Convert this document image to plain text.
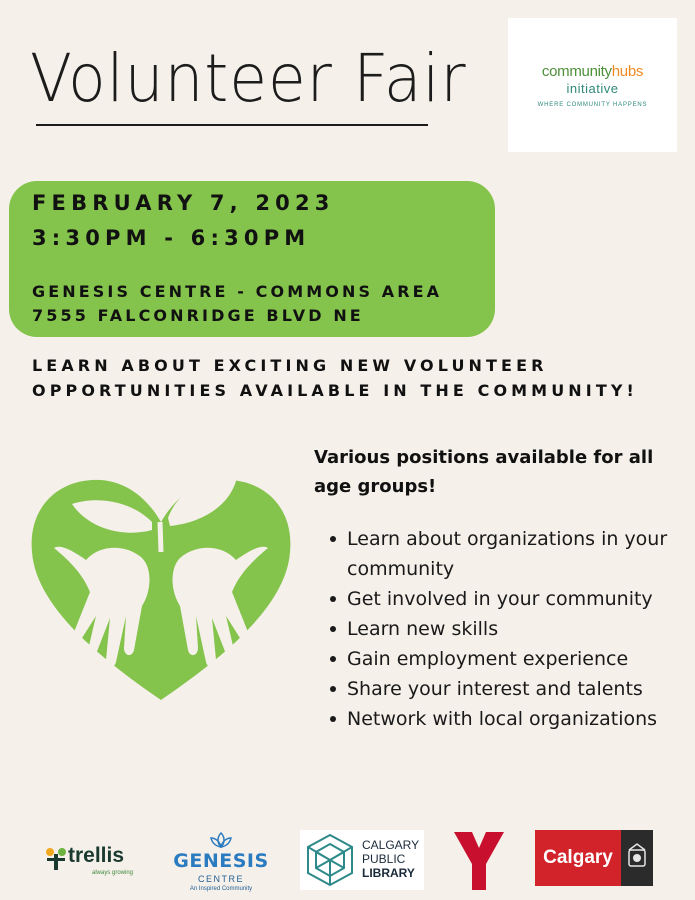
Volunteer Fair	communityhubs
initiative
WHERE COMMUNITY HAPPENS
FEBRUARY 7, 2023
3:30PM - 6:30PM
GENESIS CENTRE - COMMONS AREA
7555 FALCONRIDGE BLVD NE
LEARN ABOUT EXCITING NEW VOLUNTEER
OPPORTUNITIES AVAILABLE IN THE COMMUNITY!
Various positions available for all age groups!
Learn about organizations in your community
Get involved in your community
Learn new skills
Gain employment experience
Share your interest and talents
Network with local organizations
trellis
always growing
GENESIS
CENTRE
An Inspired Community
CALGARY
PUBLIC
LIBRARY
Calgary
